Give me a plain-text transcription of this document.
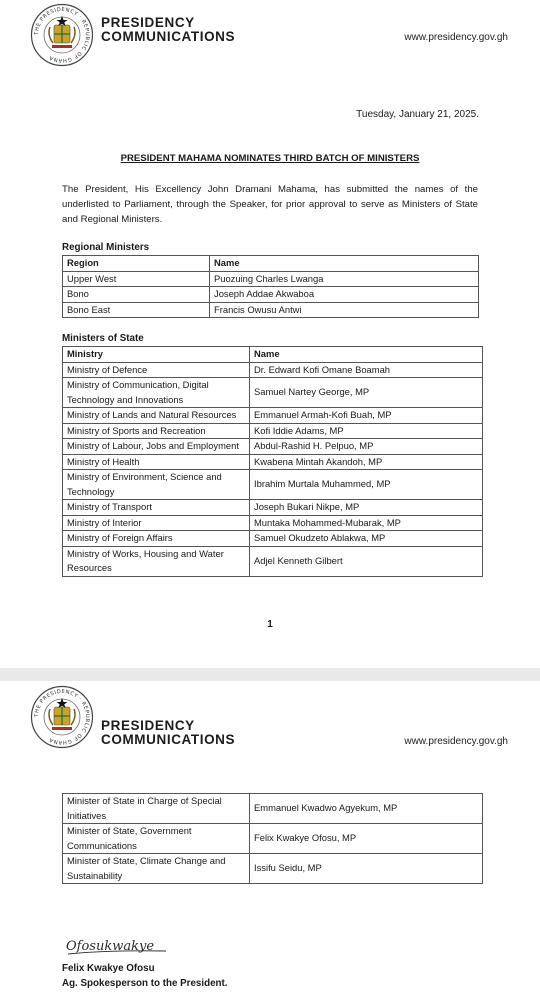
THE PRESIDENCY · REPUBLIC OF GHANA
PRESIDENCY
COMMUNICATIONS	www.presidency.gov.gh
Tuesday, January 21, 2025.
PRESIDENT MAHAMA NOMINATES THIRD BATCH OF MINISTERS
The President, His Excellency John Dramani Mahama, has submitted the names of the underlisted to Parliament, through the Speaker, for prior approval to serve as Ministers of State and Regional Ministers.
Regional Ministers
Region	Name
Upper West	Puozuing Charles Lwanga
Bono	Joseph Addae Akwaboa
Bono East	Francis Owusu Antwi
Ministers of State
Ministry	Name
Ministry of Defence	Dr. Edward Kofi Omane Boamah
Ministry of Communication, Digital Technology and Innovations	Samuel Nartey George, MP
Ministry of Lands and Natural Resources	Emmanuel Armah-Kofi Buah, MP
Ministry of Sports and Recreation	Kofi Iddie Adams, MP
Ministry of Labour, Jobs and Employment	Abdul-Rashid H. Pelpuo, MP
Ministry of Health	Kwabena Mintah Akandoh, MP
Ministry of Environment, Science and Technology	Ibrahim Murtala Muhammed, MP
Ministry of Transport	Joseph Bukari Nikpe, MP
Ministry of Interior	Muntaka Mohammed-Mubarak, MP
Ministry of Foreign Affairs	Samuel Okudzeto Ablakwa, MP
Ministry of Works, Housing and Water Resources	Adjel Kenneth Gilbert
1
THE PRESIDENCY · REPUBLIC OF GHANA
PRESIDENCY
COMMUNICATIONS	www.presidency.gov.gh
Minister of State in Charge of Special Initiatives	Emmanuel Kwadwo Agyekum, MP
Minister of State, Government Communications	Felix Kwakye Ofosu, MP
Minister of State, Climate Change and Sustainability	Issifu Seidu, MP
Ofosukwakye
Felix Kwakye Ofosu
Ag. Spokesperson to the President.
